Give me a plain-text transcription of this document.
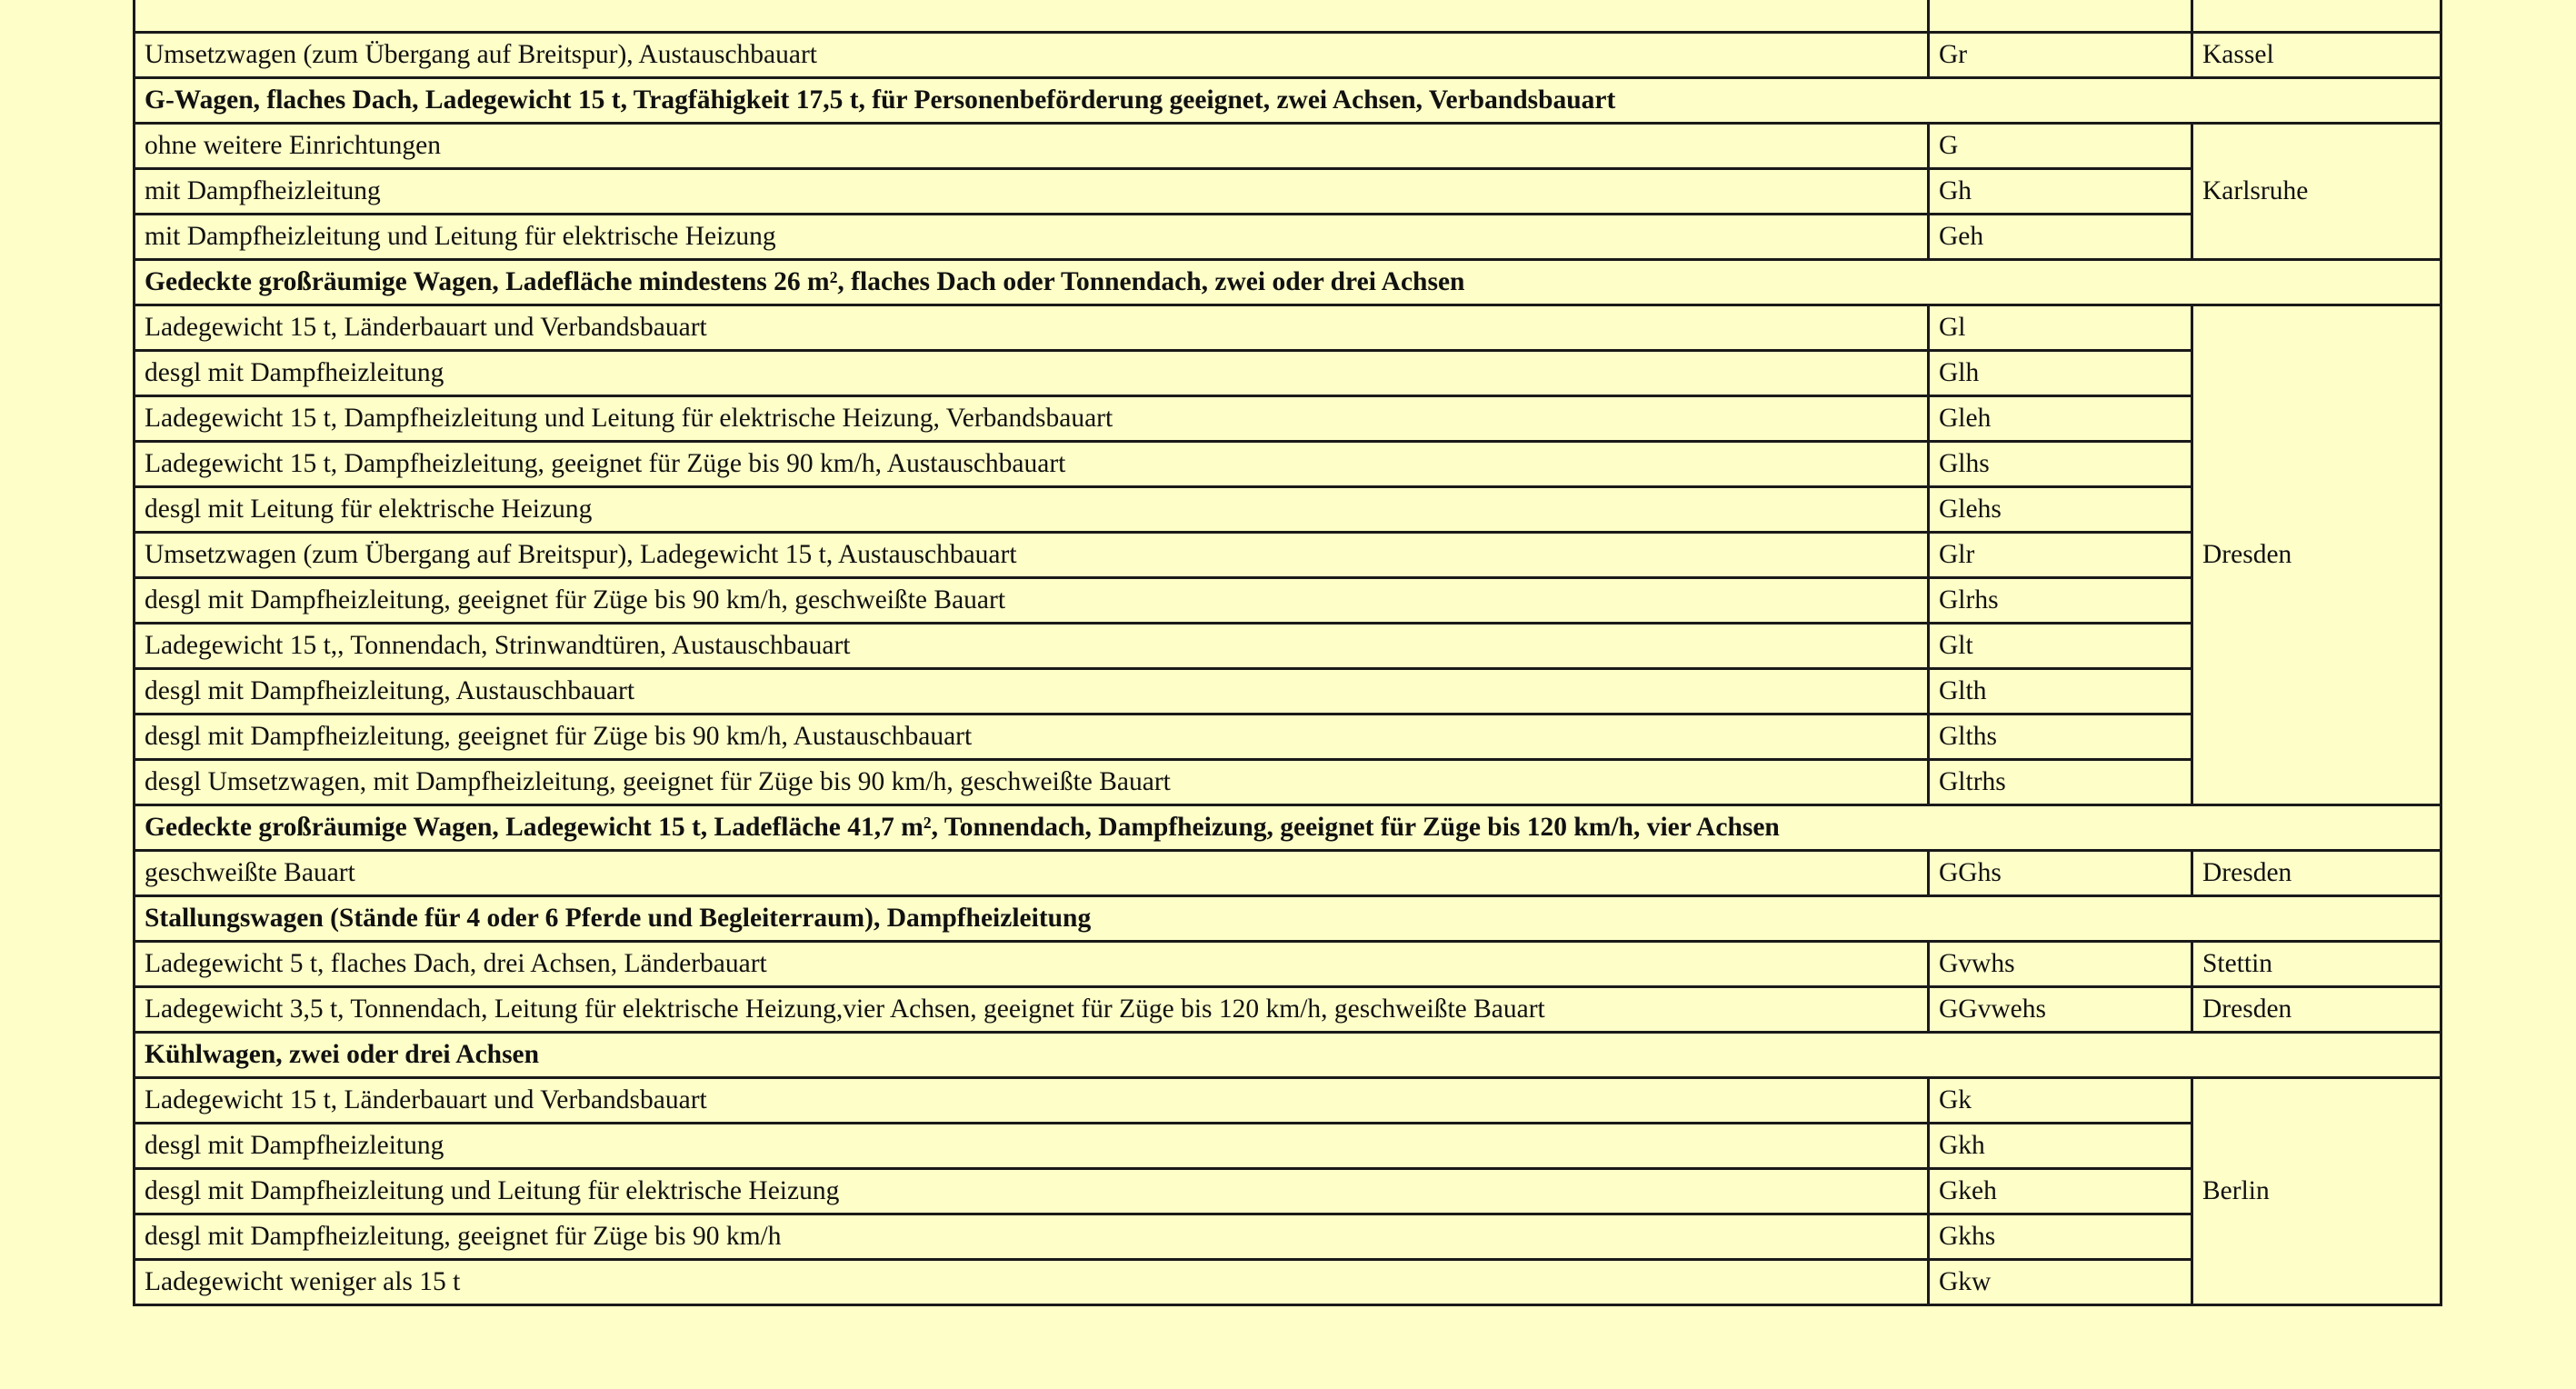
Umsetzwagen (zum Übergang auf Breitspur), Austauschbauart	Gr	Kassel
G-Wagen, flaches Dach, Ladegewicht 15 t, Tragfähigkeit 17,5 t, für Personenbeförderung geeignet, zwei Achsen, Verbandsbauart		
ohne weitere Einrichtungen	G	Karlsruhe
mit Dampfheizleitung	Gh	
mit Dampfheizleitung und Leitung für elektrische Heizung	Geh	
Gedeckte großräumige Wagen, Ladefläche mindestens 26 m², flaches Dach oder Tonnendach, zwei oder drei Achsen		
Ladegewicht 15 t, Länderbauart und Verbandsbauart	Gl	Dresden
desgl mit Dampfheizleitung	Glh	
Ladegewicht 15 t, Dampfheizleitung und Leitung für elektrische Heizung, Verbandsbauart	Gleh	
Ladegewicht 15 t, Dampfheizleitung, geeignet für Züge bis 90 km/h, Austauschbauart	Glhs	
desgl mit Leitung für elektrische Heizung	Glehs	
Umsetzwagen (zum Übergang auf Breitspur), Ladegewicht 15 t, Austauschbauart	Glr	
desgl mit Dampfheizleitung, geeignet für Züge bis 90 km/h, geschweißte Bauart	Glrhs	
Ladegewicht 15 t,, Tonnendach, Strinwandtüren, Austauschbauart	Glt	
desgl mit Dampfheizleitung, Austauschbauart	Glth	
desgl mit Dampfheizleitung, geeignet für Züge bis 90 km/h, Austauschbauart	Glths	
desgl Umsetzwagen, mit Dampfheizleitung, geeignet für Züge bis 90 km/h, geschweißte Bauart	Gltrhs	
Gedeckte großräumige Wagen, Ladegewicht 15 t, Ladefläche 41,7 m², Tonnendach, Dampfheizung, geeignet für Züge bis 120 km/h, vier Achsen		
geschweißte Bauart	GGhs	Dresden
Stallungswagen (Stände für 4 oder 6 Pferde und Begleiterraum), Dampfheizleitung		
Ladegewicht 5 t, flaches Dach, drei Achsen, Länderbauart	Gvwhs	Stettin
Ladegewicht 3,5 t, Tonnendach, Leitung für elektrische Heizung,vier Achsen, geeignet für Züge bis 120 km/h, geschweißte Bauart	GGvwehs	Dresden
Kühlwagen, zwei oder drei Achsen		
Ladegewicht 15 t, Länderbauart und Verbandsbauart	Gk	Berlin
desgl mit Dampfheizleitung	Gkh	
desgl mit Dampfheizleitung und Leitung für elektrische Heizung	Gkeh	
desgl mit Dampfheizleitung, geeignet für Züge bis 90 km/h	Gkhs	
Ladegewicht weniger als 15 t	Gkw	
